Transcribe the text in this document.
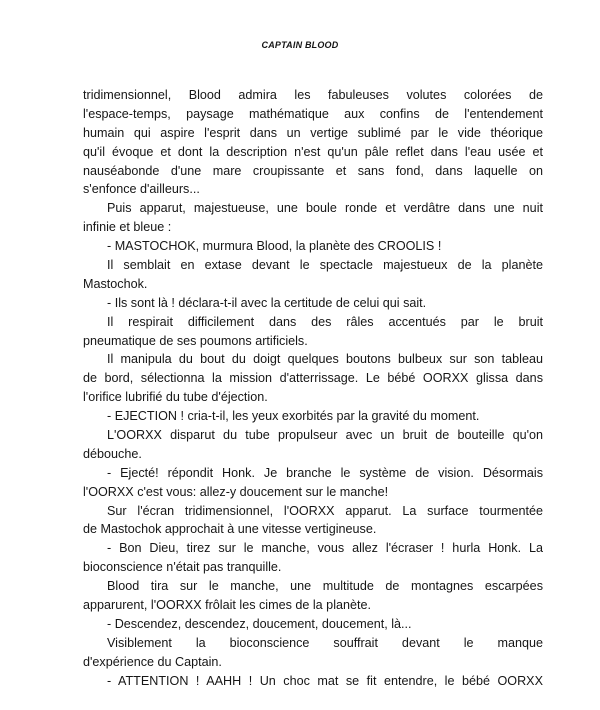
CAPTAIN BLOOD
tridimensionnel, Blood admira les fabuleuses volutes colorées de
l'espace-temps, paysage mathématique aux confins de l'entendement
humain qui aspire l'esprit dans un vertige sublimé par le vide théorique
qu'il évoque et dont la description n'est qu'un pâle reflet dans l'eau usée et
nauséabonde d'une mare croupissante et sans fond, dans laquelle on
s'enfonce d'ailleurs...
Puis apparut, majestueuse, une boule ronde et verdâtre dans une nuit
infinie et bleue :
- MASTOCHOK, murmura Blood, la planète des CROOLIS !
Il semblait en extase devant le spectacle majestueux de la planète
Mastochok.
- Ils sont là ! déclara-t-il avec la certitude de celui qui sait.
Il respirait difficilement dans des râles accentués par le bruit
pneumatique de ses poumons artificiels.
Il manipula du bout du doigt quelques boutons bulbeux sur son tableau
de bord, sélectionna la mission d'atterrissage. Le bébé OORXX glissa dans
l'orifice lubrifié du tube d'éjection.
- EJECTION ! cria-t-il, les yeux exorbités par la gravité du moment.
L'OORXX disparut du tube propulseur avec un bruit de bouteille qu'on
débouche.
- Ejecté! répondit Honk. Je branche le système de vision. Désormais
l'OORXX c'est vous: allez-y doucement sur le manche!
Sur l'écran tridimensionnel, l'OORXX apparut. La surface tourmentée
de Mastochok approchait à une vitesse vertigineuse.
- Bon Dieu, tirez sur le manche, vous allez l'écraser ! hurla Honk. La
bioconscience n'était pas tranquille.
Blood tira sur le manche, une multitude de montagnes escarpées
apparurent, l'OORXX frôlait les cimes de la planète.
- Descendez, descendez, doucement, doucement, là...
Visiblement la bioconscience souffrait devant le manque
d'expérience du Captain.
- ATTENTION ! AAHH ! Un choc mat se fit entendre, le bébé OORXX
